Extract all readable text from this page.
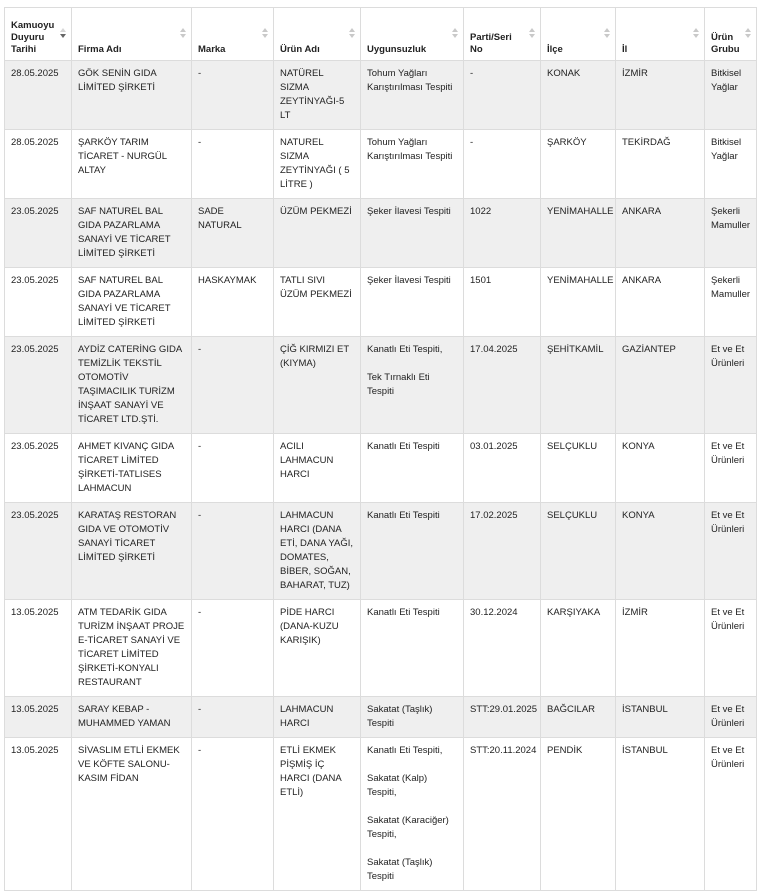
Kamuoyu Duyuru Tarihi	Firma Adı	Marka	Ürün Adı	Uygunsuzluk	Parti/Seri No	İlçe	İl	Ürün Grubu

28.05.2025	GÖK SENİN GIDA LİMİTED ŞİRKETİ	-	NATÜREL SIZMA ZEYTİNYAĞI-5 LT	Tohum Yağları Karıştırılması Tespiti	-	KONAK	İZMİR	Bitkisel Yağlar
28.05.2025	ŞARKÖY TARIM TİCARET - NURGÜL ALTAY	-	NATUREL SIZMA ZEYTİNYAĞI ( 5 LİTRE )	Tohum Yağları Karıştırılması Tespiti	-	ŞARKÖY	TEKİRDAĞ	Bitkisel Yağlar
23.05.2025	SAF NATUREL BAL GIDA PAZARLAMA SANAYİ VE TİCARET LİMİTED ŞİRKETİ	SADE NATURAL	ÜZÜM PEKMEZİ	Şeker İlavesi Tespiti	1022	YENİMAHALLE	ANKARA	Şekerli Mamuller
23.05.2025	SAF NATUREL BAL GIDA PAZARLAMA SANAYİ VE TİCARET LİMİTED ŞİRKETİ	HASKAYMAK	TATLI SIVI ÜZÜM PEKMEZİ	Şeker İlavesi Tespiti	1501	YENİMAHALLE	ANKARA	Şekerli Mamuller
23.05.2025	AYDİZ CATERİNG GIDA TEMİZLİK TEKSTİL OTOMOTİV TAŞIMACILIK TURİZM İNŞAAT SANAYİ VE TİCARET LTD.ŞTİ.	-	ÇİĞ KIRMIZI ET (KIYMA)	Kanatlı Eti Tespiti,
Tek Tırnaklı Eti Tespiti	17.04.2025	ŞEHİTKAMİL	GAZİANTEP	Et ve Et Ürünleri
23.05.2025	AHMET KIVANÇ GIDA TİCARET LİMİTED ŞİRKETİ-TATLISES LAHMACUN	-	ACILI LAHMACUN HARCI	Kanatlı Eti Tespiti	03.01.2025	SELÇUKLU	KONYA	Et ve Et Ürünleri
23.05.2025	KARATAŞ RESTORAN GIDA VE OTOMOTİV SANAYİ TİCARET LİMİTED ŞİRKETİ	-	LAHMACUN HARCI (DANA ETİ, DANA YAĞI, DOMATES, BİBER, SOĞAN, BAHARAT, TUZ)	Kanatlı Eti Tespiti	17.02.2025	SELÇUKLU	KONYA	Et ve Et Ürünleri
13.05.2025	ATM TEDARİK GIDA TURİZM İNŞAAT PROJE E-TİCARET SANAYİ VE TİCARET LİMİTED ŞİRKETİ-KONYALI RESTAURANT	-	PİDE HARCI (DANA-KUZU KARIŞIK)	Kanatlı Eti Tespiti	30.12.2024	KARŞIYAKA	İZMİR	Et ve Et Ürünleri
13.05.2025	SARAY KEBAP - MUHAMMED YAMAN	-	LAHMACUN HARCI	Sakatat (Taşlık) Tespiti	STT:29.01.2025	BAĞCILAR	İSTANBUL	Et ve Et Ürünleri
13.05.2025	SİVASLIM ETLİ EKMEK VE KÖFTE SALONU-KASIM FİDAN	-	ETLİ EKMEK PİŞMİŞ İÇ HARCI (DANA ETLİ)	Kanatlı Eti Tespiti,
Sakatat (Kalp) Tespiti,
Sakatat (Karaciğer) Tespiti,
Sakatat (Taşlık) Tespiti	STT:20.11.2024	PENDİK	İSTANBUL	Et ve Et Ürünleri
